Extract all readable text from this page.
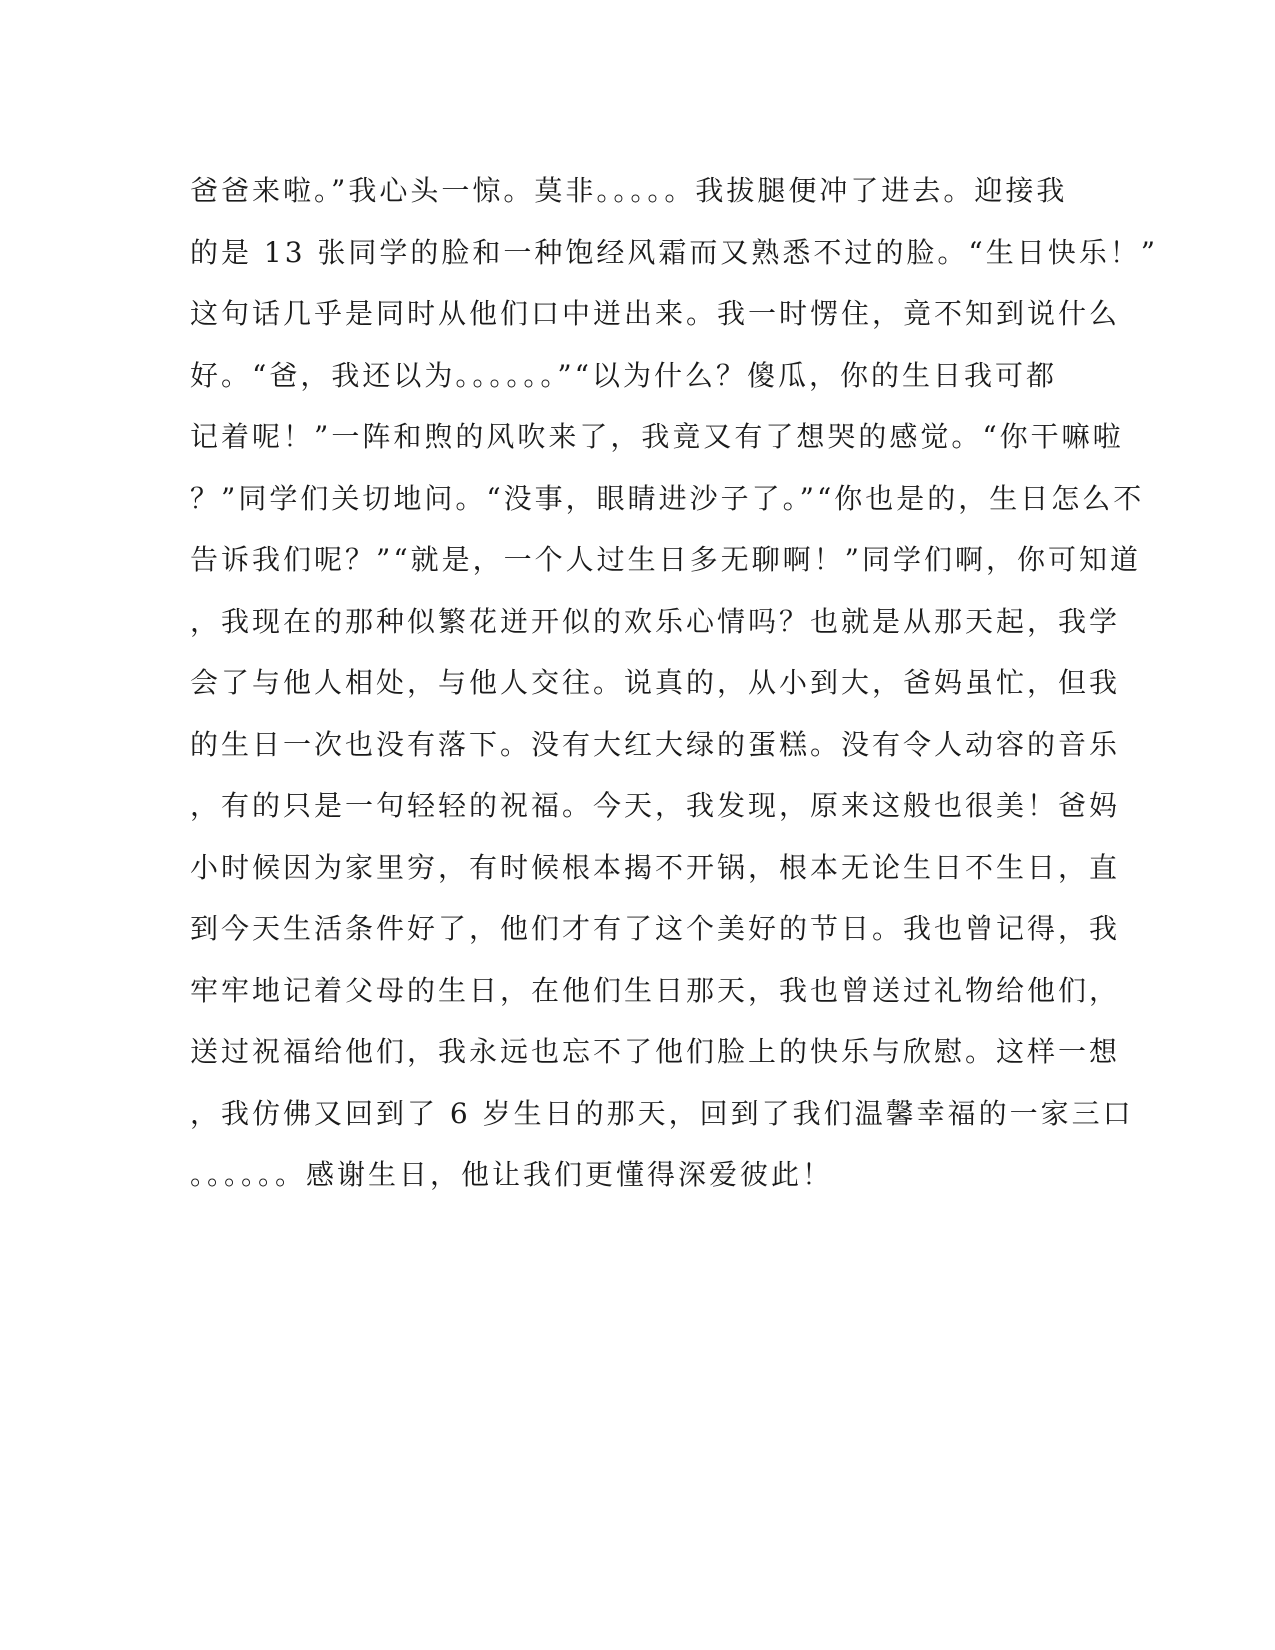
爸爸来啦。”我心头一惊。莫非。。。。。我拔腿便冲了进去。迎接我
的是 13 张同学的脸和一种饱经风霜而又熟悉不过的脸。“生日快乐！”
这句话几乎是同时从他们口中迸出来。我一时愣住，竟不知到说什么
好。“爸，我还以为。。。。。。”“以为什么？傻瓜，你的生日我可都
记着呢！”一阵和煦的风吹来了，我竟又有了想哭的感觉。“你干嘛啦
？”同学们关切地问。“没事，眼睛进沙子了。”“你也是的，生日怎么不
告诉我们呢？”“就是，一个人过生日多无聊啊！”同学们啊，你可知道
，我现在的那种似繁花迸开似的欢乐心情吗？也就是从那天起，我学
会了与他人相处，与他人交往。说真的，从小到大，爸妈虽忙，但我
的生日一次也没有落下。没有大红大绿的蛋糕。没有令人动容的音乐
，有的只是一句轻轻的祝福。今天，我发现，原来这般也很美！爸妈
小时候因为家里穷，有时候根本揭不开锅，根本无论生日不生日，直
到今天生活条件好了，他们才有了这个美好的节日。我也曾记得，我
牢牢地记着父母的生日，在他们生日那天，我也曾送过礼物给他们，
送过祝福给他们，我永远也忘不了他们脸上的快乐与欣慰。这样一想
，我仿佛又回到了 6 岁生日的那天，回到了我们温馨幸福的一家三口
。。。。。。感谢生日，他让我们更懂得深爱彼此！
